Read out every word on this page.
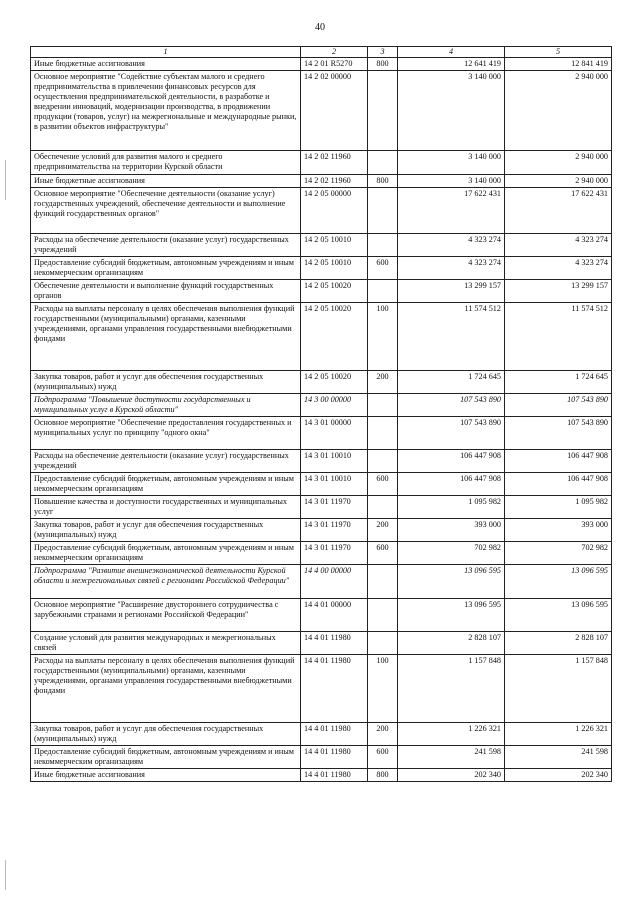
40
1	2	3	4	5
Иные бюджетные ассигнования	14 2 01 R5270	800	12 641 419	12 841 419
Основное мероприятие "Содействие субъектам малого и среднего предпринимательства в привлечении финансовых ресурсов для осуществления предпринимательской деятельности, в разработке и внедрении инноваций, модернизации производства, в продвижении продукции (товаров, услуг) на межрегиональные и международные рынки, в развитии объектов инфраструктуры"	14 2 02 00000		3 140 000	2 940 000
Обеспечение условий для развития малого и среднего предпринимательства на территории Курской области	14 2 02 11960		3 140 000	2 940 000
Иные бюджетные ассигнования	14 2 02 11960	800	3 140 000	2 940 000
Основное мероприятие "Обеспечение деятельности (оказание услуг) государственных учреждений, обеспечение деятельности и выполнение функций государственных органов"	14 2 05 00000		17 622 431	17 622 431
Расходы на обеспечение деятельности (оказание услуг) государственных учреждений	14 2 05 10010		4 323 274	4 323 274
Предоставление субсидий бюджетным, автономным учреждениям и иным некоммерческим организациям	14 2 05 10010	600	4 323 274	4 323 274
Обеспечение деятельности и выполнение функций государственных органов	14 2 05 10020		13 299 157	13 299 157
Расходы на выплаты персоналу в целях обеспечения выполнения функций государственными (муниципальными) органами, казенными учреждениями, органами управления государственными внебюджетными фондами	14 2 05 10020	100	11 574 512	11 574 512
Закупка товаров, работ и услуг для обеспечения государственных (муниципальных) нужд	14 2 05 10020	200	1 724 645	1 724 645
Подпрограмма "Повышение доступности государственных и муниципальных услуг в Курской области"	14 3 00 00000		107 543 890	107 543 890
Основное мероприятие "Обеспечение предоставления государственных и муниципальных услуг по принципу "одного окна"	14 3 01 00000		107 543 890	107 543 890
Расходы на обеспечение деятельности (оказание услуг) государственных учреждений	14 3 01 10010		106 447 908	106 447 908
Предоставление субсидий бюджетным, автономным учреждениям и иным некоммерческим организациям	14 3 01 10010	600	106 447 908	106 447 908
Повышение качества и доступности государственных и муниципальных услуг	14 3 01 11970		1 095 982	1 095 982
Закупка товаров, работ и услуг для обеспечения государственных (муниципальных) нужд	14 3 01 11970	200	393 000	393 000
Предоставление субсидий бюджетным, автономным учреждениям и иным некоммерческим организациям	14 3 01 11970	600	702 982	702 982
Подпрограмма "Развитие внешнеэкономической деятельности Курской области и межрегиональных связей с регионами Российской Федерации"	14 4 00 00000		13 096 595	13 096 595
Основное мероприятие "Расширение двустороннего сотрудничества с зарубежными странами и регионами Российской Федерации"	14 4 01 00000		13 096 595	13 096 595
Создание условий для развития международных и межрегиональных связей	14 4 01 11980		2 828 107	2 828 107
Расходы на выплаты персоналу в целях обеспечения выполнения функций государственными (муниципальными) органами, казенными учреждениями, органами управления государственными внебюджетными фондами	14 4 01 11980	100	1 157 848	1 157 848
Закупка товаров, работ и услуг для обеспечения государственных (муниципальных) нужд	14 4 01 11980	200	1 226 321	1 226 321
Предоставление субсидий бюджетным, автономным учреждениям и иным некоммерческим организациям	14 4 01 11980	600	241 598	241 598
Иные бюджетные ассигнования	14 4 01 11980	800	202 340	202 340
